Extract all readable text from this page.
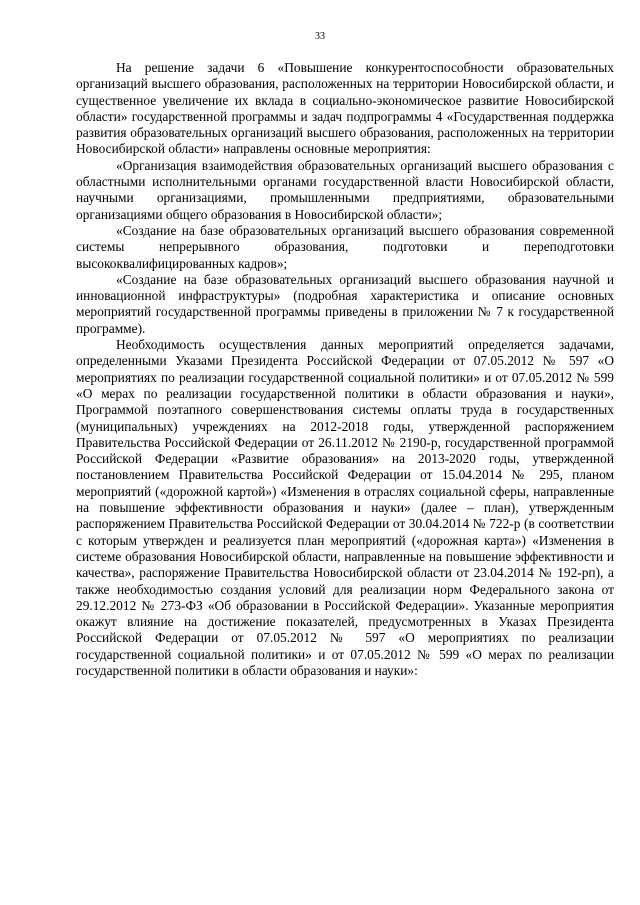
33

На решение задачи 6 «Повышение конкурентоспособности образовательных организаций высшего образования, расположенных на территории Новосибирской области, и существенное увеличение их вклада в социально-экономическое развитие Новосибирской области» государственной программы и задач подпрограммы 4 «Государственная поддержка развития образовательных организаций высшего образования, расположенных на территории Новосибирской области» направлены основные мероприятия:

«Организация взаимодействия образовательных организаций высшего образования с областными исполнительными органами государственной власти Новосибирской области, научными организациями, промышленными предприятиями, образовательными организациями общего образования в Новосибирской области»;

«Создание на базе образовательных организаций высшего образования современной системы непрерывного образования, подготовки и переподготовки высококвалифицированных кадров»;

«Создание на базе образовательных организаций высшего образования научной и инновационной инфраструктуры» (подробная характеристика и описание основных мероприятий государственной программы приведены в приложении № 7 к государственной программе).

Необходимость осуществления данных мероприятий определяется задачами, определенными Указами Президента Российской Федерации от 07.05.2012 № 597 «О мероприятиях по реализации государственной социальной политики» и от 07.05.2012 № 599 «О мерах по реализации государственной политики в области образования и науки», Программой поэтапного совершенствования системы оплаты труда в государственных (муниципальных) учреждениях на 2012-2018 годы, утвержденной распоряжением Правительства Российской Федерации от 26.11.2012 № 2190-р, государственной программой Российской Федерации «Развитие образования» на 2013-2020 годы, утвержденной постановлением Правительства Российской Федерации от 15.04.2014 № 295, планом мероприятий («дорожной картой») «Изменения в отраслях социальной сферы, направленные на повышение эффективности образования и науки» (далее – план), утвержденным распоряжением Правительства Российской Федерации от 30.04.2014 № 722-р (в соответствии с которым утвержден и реализуется план мероприятий («дорожная карта») «Изменения в системе образования Новосибирской области, направленные на повышение эффективности и качества», распоряжение Правительства Новосибирской области от 23.04.2014 № 192-рп), а также необходимостью создания условий для реализации норм Федерального закона от 29.12.2012 № 273-ФЗ «Об образовании в Российской Федерации». Указанные мероприятия окажут влияние на достижение показателей, предусмотренных в Указах Президента Российской Федерации от 07.05.2012 № 597 «О мероприятиях по реализации государственной социальной политики» и от 07.05.2012 № 599 «О мерах по реализации государственной политики в области образования и науки»:
